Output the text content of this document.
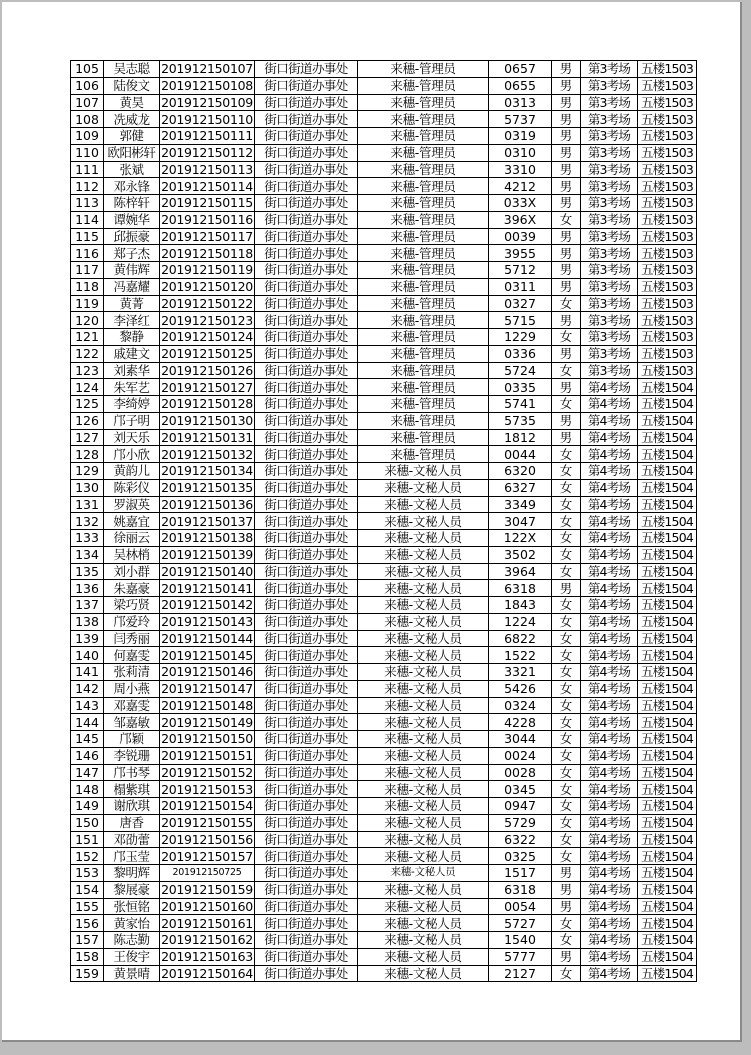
105	吴志聪	201912150107	街口街道办事处	来穗-管理员	0657	男	第3考场	五楼1503
106	陆俊文	201912150108	街口街道办事处	来穗-管理员	0655	男	第3考场	五楼1503
107	黄昊	201912150109	街口街道办事处	来穗-管理员	0313	男	第3考场	五楼1503
108	冼威龙	201912150110	街口街道办事处	来穗-管理员	5737	男	第3考场	五楼1503
109	郭健	201912150111	街口街道办事处	来穗-管理员	0319	男	第3考场	五楼1503
110	欧阳彬轩	201912150112	街口街道办事处	来穗-管理员	0310	男	第3考场	五楼1503
111	张斌	201912150113	街口街道办事处	来穗-管理员	3310	男	第3考场	五楼1503
112	邓永锋	201912150114	街口街道办事处	来穗-管理员	4212	男	第3考场	五楼1503
113	陈梓轩	201912150115	街口街道办事处	来穗-管理员	033X	男	第3考场	五楼1503
114	谭婉华	201912150116	街口街道办事处	来穗-管理员	396X	女	第3考场	五楼1503
115	邱振豪	201912150117	街口街道办事处	来穗-管理员	0039	男	第3考场	五楼1503
116	郑子杰	201912150118	街口街道办事处	来穗-管理员	3955	男	第3考场	五楼1503
117	黄伟辉	201912150119	街口街道办事处	来穗-管理员	5712	男	第3考场	五楼1503
118	冯嘉耀	201912150120	街口街道办事处	来穗-管理员	0311	男	第3考场	五楼1503
119	黄菁	201912150122	街口街道办事处	来穗-管理员	0327	女	第3考场	五楼1503
120	李泽红	201912150123	街口街道办事处	来穗-管理员	5715	男	第3考场	五楼1503
121	黎静	201912150124	街口街道办事处	来穗-管理员	1229	女	第3考场	五楼1503
122	戚建文	201912150125	街口街道办事处	来穗-管理员	0336	男	第3考场	五楼1503
123	刘素华	201912150126	街口街道办事处	来穗-管理员	5724	女	第3考场	五楼1503
124	朱军艺	201912150127	街口街道办事处	来穗-管理员	0335	男	第4考场	五楼1504
125	李绮婷	201912150128	街口街道办事处	来穗-管理员	5741	女	第4考场	五楼1504
126	邝子明	201912150130	街口街道办事处	来穗-管理员	5735	男	第4考场	五楼1504
127	刘天乐	201912150131	街口街道办事处	来穗-管理员	1812	男	第4考场	五楼1504
128	邝小欣	201912150132	街口街道办事处	来穗-管理员	0044	女	第4考场	五楼1504
129	黄韵儿	201912150134	街口街道办事处	来穗-文秘人员	6320	女	第4考场	五楼1504
130	陈彩仪	201912150135	街口街道办事处	来穗-文秘人员	6327	女	第4考场	五楼1504
131	罗淑英	201912150136	街口街道办事处	来穗-文秘人员	3349	女	第4考场	五楼1504
132	姚嘉宜	201912150137	街口街道办事处	来穗-文秘人员	3047	女	第4考场	五楼1504
133	徐丽云	201912150138	街口街道办事处	来穗-文秘人员	122X	女	第4考场	五楼1504
134	吴林梢	201912150139	街口街道办事处	来穗-文秘人员	3502	女	第4考场	五楼1504
135	刘小群	201912150140	街口街道办事处	来穗-文秘人员	3964	女	第4考场	五楼1504
136	朱嘉豪	201912150141	街口街道办事处	来穗-文秘人员	6318	男	第4考场	五楼1504
137	梁巧贤	201912150142	街口街道办事处	来穗-文秘人员	1843	女	第4考场	五楼1504
138	邝爱玲	201912150143	街口街道办事处	来穗-文秘人员	1224	女	第4考场	五楼1504
139	闫秀丽	201912150144	街口街道办事处	来穗-文秘人员	6822	女	第4考场	五楼1504
140	何嘉雯	201912150145	街口街道办事处	来穗-文秘人员	1522	女	第4考场	五楼1504
141	张莉清	201912150146	街口街道办事处	来穗-文秘人员	3321	女	第4考场	五楼1504
142	周小燕	201912150147	街口街道办事处	来穗-文秘人员	5426	女	第4考场	五楼1504
143	邓嘉雯	201912150148	街口街道办事处	来穗-文秘人员	0324	女	第4考场	五楼1504
144	邹嘉敏	201912150149	街口街道办事处	来穗-文秘人员	4228	女	第4考场	五楼1504
145	邝颖	201912150150	街口街道办事处	来穗-文秘人员	3044	女	第4考场	五楼1504
146	李锐珊	201912150151	街口街道办事处	来穗-文秘人员	0024	女	第4考场	五楼1504
147	邝书琴	201912150152	街口街道办事处	来穗-文秘人员	0028	女	第4考场	五楼1504
148	榻紫琪	201912150153	街口街道办事处	来穗-文秘人员	0345	女	第4考场	五楼1504
149	谢欣琪	201912150154	街口街道办事处	来穗-文秘人员	0947	女	第4考场	五楼1504
150	唐香	201912150155	街口街道办事处	来穗-文秘人员	5729	女	第4考场	五楼1504
151	邓劭蕾	201912150156	街口街道办事处	来穗-文秘人员	6322	女	第4考场	五楼1504
152	邝玉莹	201912150157	街口街道办事处	来穗-文秘人员	0325	女	第4考场	五楼1504
153	黎明辉	201912150725	街口街道办事处	来穗-文秘人员	1517	男	第4考场	五楼1504
154	黎展豪	201912150159	街口街道办事处	来穗-文秘人员	6318	男	第4考场	五楼1504
155	张恒铭	201912150160	街口街道办事处	来穗-文秘人员	0054	男	第4考场	五楼1504
156	黄家怡	201912150161	街口街道办事处	来穗-文秘人员	5727	女	第4考场	五楼1504
157	陈志勤	201912150162	街口街道办事处	来穗-文秘人员	1540	女	第4考场	五楼1504
158	王俊宇	201912150163	街口街道办事处	来穗-文秘人员	5777	男	第4考场	五楼1504
159	黄景晴	201912150164	街口街道办事处	来穗-文秘人员	2127	女	第4考场	五楼1504
